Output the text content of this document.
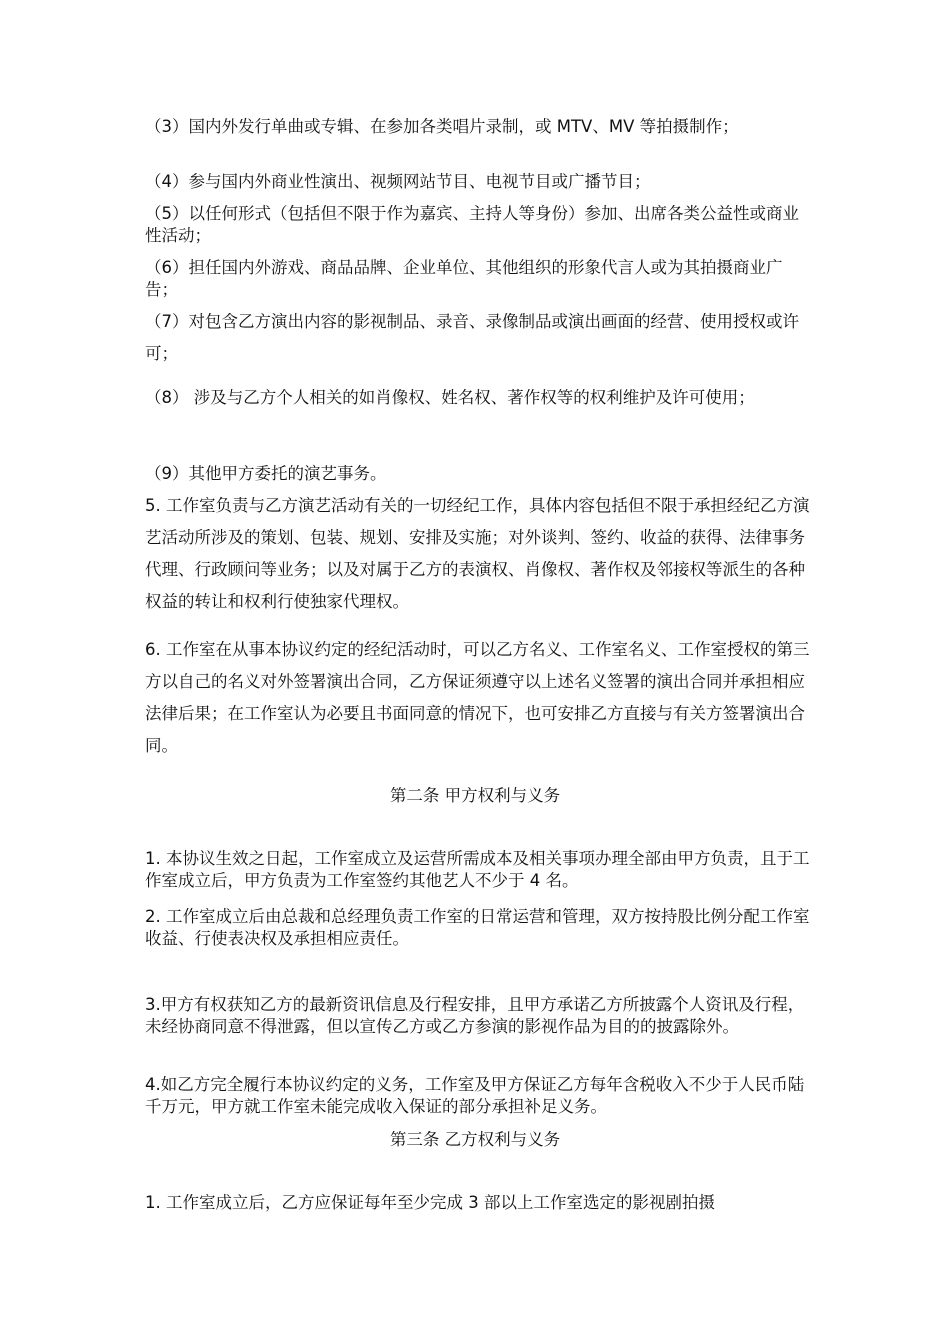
（3）国内外发行单曲或专辑、在参加各类唱片录制，或 MTV、MV 等拍摄制作；

（4）参与国内外商业性演出、视频网站节目、电视节目或广播节目；

（5）以任何形式（包括但不限于作为嘉宾、主持人等身份）参加、出席各类公益性或商业性活动；

（6）担任国内外游戏、商品品牌、企业单位、其他组织的形象代言人或为其拍摄商业广告；

（7）对包含乙方演出内容的影视制品、录音、录像制品或演出画面的经营、使用授权或许可；

（8） 涉及与乙方个人相关的如肖像权、姓名权、著作权等的权利维护及许可使用；

（9）其他甲方委托的演艺事务。

5. 工作室负责与乙方演艺活动有关的一切经纪工作，具体内容包括但不限于承担经纪乙方演艺活动所涉及的策划、包装、规划、安排及实施；对外谈判、签约、收益的获得、法律事务代理、行政顾问等业务；以及对属于乙方的表演权、肖像权、著作权及邻接权等派生的各种权益的转让和权利行使独家代理权。

6. 工作室在从事本协议约定的经纪活动时，可以乙方名义、工作室名义、工作室授权的第三方以自己的名义对外签署演出合同，乙方保证须遵守以上述名义签署的演出合同并承担相应法律后果；在工作室认为必要且书面同意的情况下，也可安排乙方直接与有关方签署演出合同。

第二条 甲方权利与义务

1. 本协议生效之日起，工作室成立及运营所需成本及相关事项办理全部由甲方负责，且于工作室成立后，甲方负责为工作室签约其他艺人不少于 4 名。

2. 工作室成立后由总裁和总经理负责工作室的日常运营和管理，双方按持股比例分配工作室收益、行使表决权及承担相应责任。

3.甲方有权获知乙方的最新资讯信息及行程安排，且甲方承诺乙方所披露个人资讯及行程，未经协商同意不得泄露，但以宣传乙方或乙方参演的影视作品为目的的披露除外。

4.如乙方完全履行本协议约定的义务，工作室及甲方保证乙方每年含税收入不少于人民币陆千万元，甲方就工作室未能完成收入保证的部分承担补足义务。

第三条 乙方权利与义务

1. 工作室成立后，乙方应保证每年至少完成 3 部以上工作室选定的影视剧拍摄
